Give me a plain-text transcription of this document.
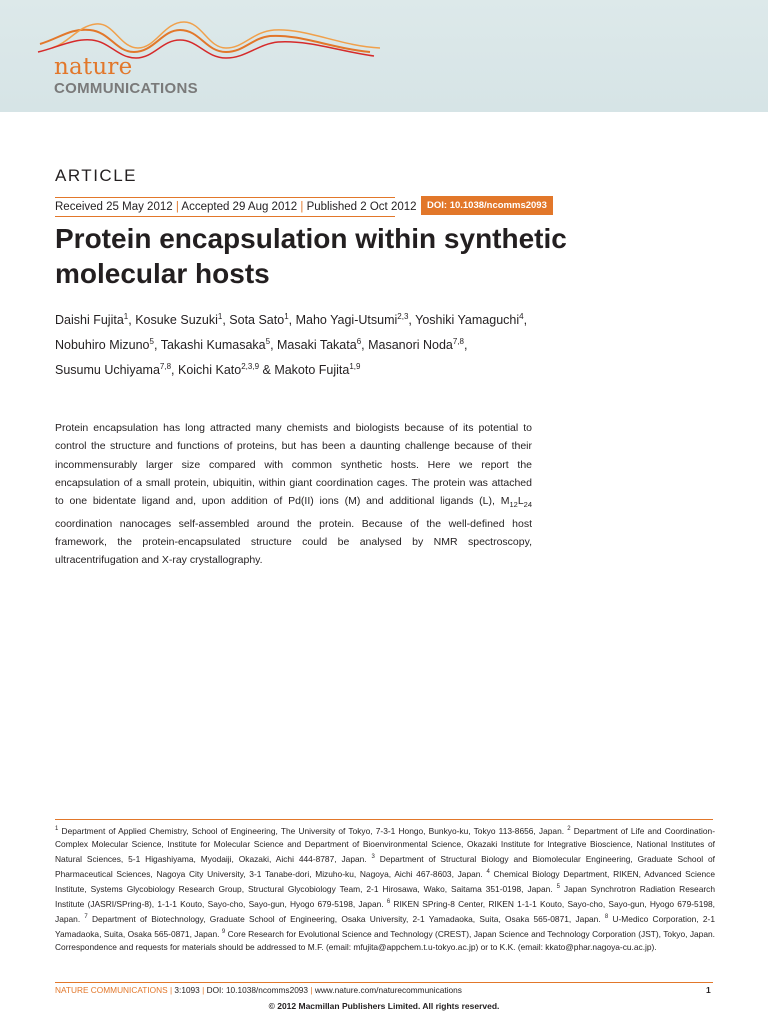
nature
COMMUNICATIONS
ARTICLE
Received 25 May 2012 | Accepted 29 Aug 2012 | Published 2 Oct 2012	DOI: 10.1038/ncomms2093
Protein encapsulation within synthetic molecular hosts
Daishi Fujita$^1$, Kosuke Suzuki$^1$, Sota Sato$^1$, Maho Yagi-Utsumi$^{2,3}$, Yoshiki Yamaguchi$^4$,
Nobuhiro Mizuno$^5$, Takashi Kumasaka$^5$, Masaki Takata$^6$, Masanori Noda$^{7,8}$,
Susumu Uchiyama$^{7,8}$, Koichi Kato$^{2,3,9}$ & Makoto Fujita$^{1,9}$
Protein encapsulation has long attracted many chemists and biologists because of its potential to control the structure and functions of proteins, but has been a daunting challenge because of their incommensurably larger size compared with common synthetic hosts. Here we report the encapsulation of a small protein, ubiquitin, within giant coordination cages. The protein was attached to one bidentate ligand and, upon addition of Pd(II) ions (M) and additional ligands (L), $M_{12}L_{24}$ coordination nanocages self-assembled around the protein. Because of the well-defined host framework, the protein-encapsulated structure could be analysed by NMR spectroscopy, ultracentrifugation and X-ray crystallography.
$^1$ Department of Applied Chemistry, School of Engineering, The University of Tokyo, 7-3-1 Hongo, Bunkyo-ku, Tokyo 113-8656, Japan. $^2$ Department of Life and Coordination-Complex Molecular Science, Institute for Molecular Science and Department of Bioenvironmental Science, Okazaki Institute for Integrative Bioscience, National Institutes of Natural Sciences, 5-1 Higashiyama, Myodaiji, Okazaki, Aichi 444-8787, Japan. $^3$ Department of Structural Biology and Biomolecular Engineering, Graduate School of Pharmaceutical Sciences, Nagoya City University, 3-1 Tanabe-dori, Mizuho-ku, Nagoya, Aichi 467-8603, Japan. $^4$ Chemical Biology Department, RIKEN, Advanced Science Institute, Systems Glycobiology Research Group, Structural Glycobiology Team, 2-1 Hirosawa, Wako, Saitama 351-0198, Japan. $^5$ Japan Synchrotron Radiation Research Institute (JASRI/SPring-8), 1-1-1 Kouto, Sayo-cho, Sayo-gun, Hyogo 679-5198, Japan. $^6$ RIKEN SPring-8 Center, RIKEN 1-1-1 Kouto, Sayo-cho, Sayo-gun, Hyogo 679-5198, Japan. $^7$ Department of Biotechnology, Graduate School of Engineering, Osaka University, 2-1 Yamadaoka, Suita, Osaka 565-0871, Japan. $^8$ U-Medico Corporation, 2-1 Yamadaoka, Suita, Osaka 565-0871, Japan. $^9$ Core Research for Evolutional Science and Technology (CREST), Japan Science and Technology Corporation (JST), Tokyo, Japan. Correspondence and requests for materials should be addressed to M.F. (email: mfujita@appchem.t.u-tokyo.ac.jp) or to K.K. (email: kkato@phar.nagoya-cu.ac.jp).
NATURE COMMUNICATIONS | 3:1093 | DOI: 10.1038/ncomms2093 | www.nature.com/naturecommunications	1
© 2012 Macmillan Publishers Limited. All rights reserved.
